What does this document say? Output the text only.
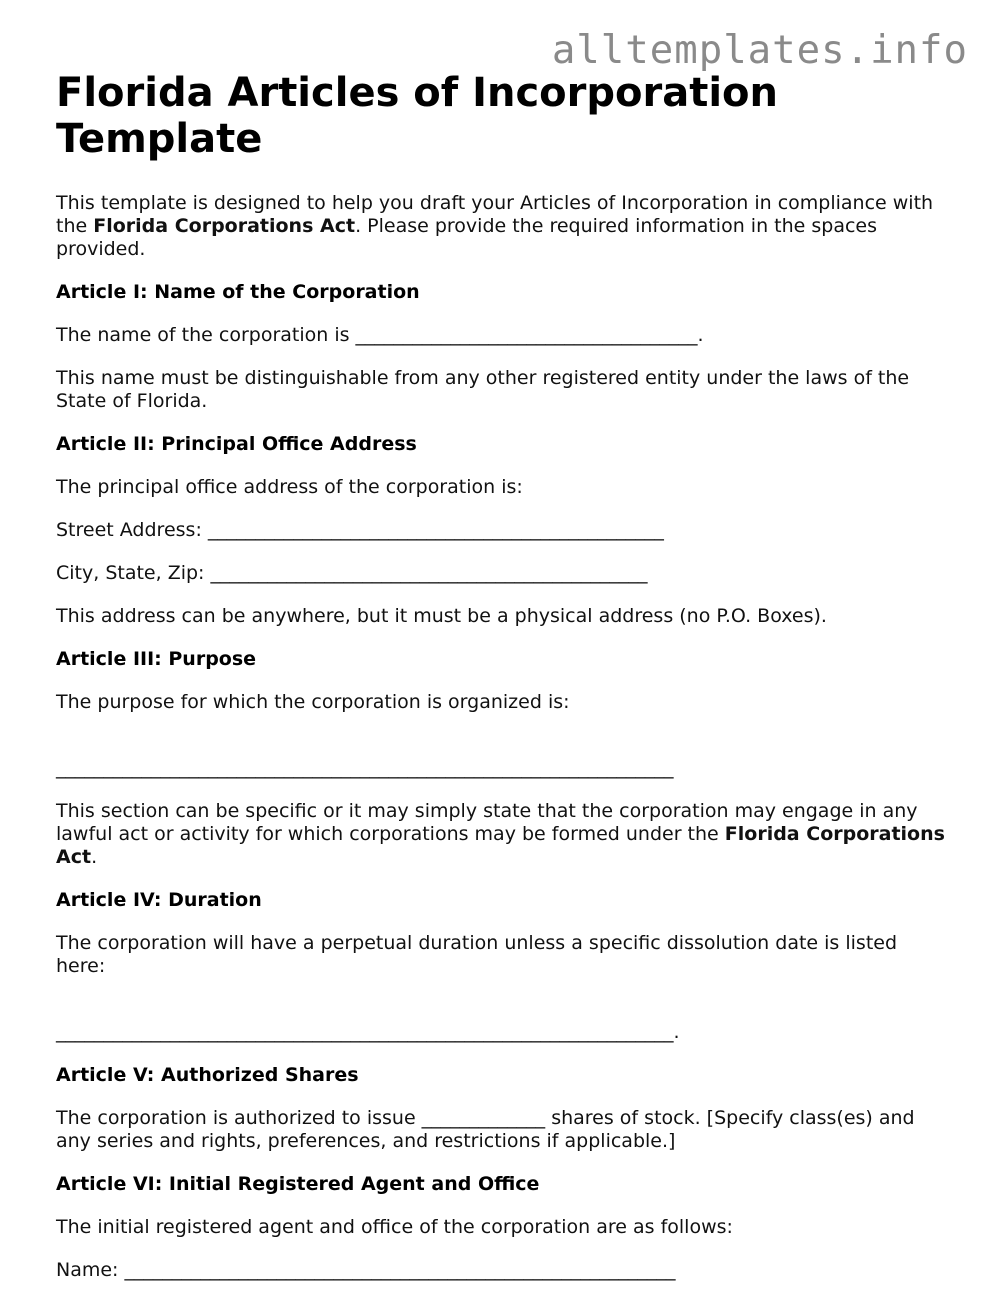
alltemplates.info
Florida Articles of Incorporation
Template

This template is designed to help you draft your Articles of Incorporation in compliance with the Florida Corporations Act. Please provide the required information in the spaces provided.

Article I: Name of the Corporation

The name of the corporation is ____________________________________.

This name must be distinguishable from any other registered entity under the laws of the State of Florida.

Article II: Principal Office Address

The principal office address of the corporation is:

Street Address: ________________________________________________

City, State, Zip: ______________________________________________

This address can be anywhere, but it must be a physical address (no P.O. Boxes).

Article III: Purpose

The purpose for which the corporation is organized is:

_________________________________________________________________

This section can be specific or it may simply state that the corporation may engage in any lawful act or activity for which corporations may be formed under the Florida Corporations Act.

Article IV: Duration

The corporation will have a perpetual duration unless a specific dissolution date is listed here:

_________________________________________________________________.

Article V: Authorized Shares

The corporation is authorized to issue _____________ shares of stock. [Specify class(es) and any series and rights, preferences, and restrictions if applicable.]

Article VI: Initial Registered Agent and Office

The initial registered agent and office of the corporation are as follows:

Name: __________________________________________________________
